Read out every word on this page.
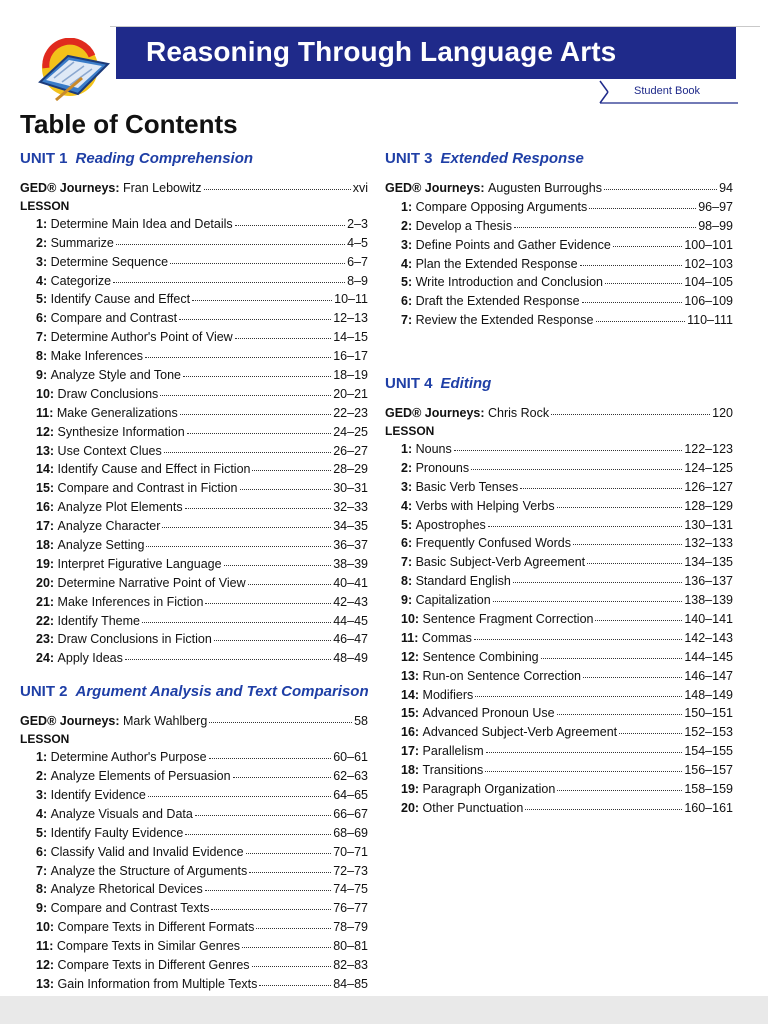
Reasoning Through Language Arts
Student Book
Table of Contents
UNIT 1 Reading Comprehension
GED® Journeys: Fran Lebowitz	xvi
LESSON
1: Determine Main Idea and Details	2–3
2: Summarize	4–5
3: Determine Sequence	6–7
4: Categorize	8–9
5: Identify Cause and Effect	10–11
6: Compare and Contrast	12–13
7: Determine Author's Point of View	14–15
8: Make Inferences	16–17
9: Analyze Style and Tone	18–19
10: Draw Conclusions	20–21
11: Make Generalizations	22–23
12: Synthesize Information	24–25
13: Use Context Clues	26–27
14: Identify Cause and Effect in Fiction	28–29
15: Compare and Contrast in Fiction	30–31
16: Analyze Plot Elements	32–33
17: Analyze Character	34–35
18: Analyze Setting	36–37
19: Interpret Figurative Language	38–39
20: Determine Narrative Point of View	40–41
21: Make Inferences in Fiction	42–43
22: Identify Theme	44–45
23: Draw Conclusions in Fiction	46–47
24: Apply Ideas	48–49
UNIT 2 Argument Analysis and Text Comparison
GED® Journeys: Mark Wahlberg	58
LESSON
1: Determine Author's Purpose	60–61
2: Analyze Elements of Persuasion	62–63
3: Identify Evidence	64–65
4: Analyze Visuals and Data	66–67
5: Identify Faulty Evidence	68–69
6: Classify Valid and Invalid Evidence	70–71
7: Analyze the Structure of Arguments	72–73
8: Analyze Rhetorical Devices	74–75
9: Compare and Contrast Texts	76–77
10: Compare Texts in Different Formats	78–79
11: Compare Texts in Similar Genres	80–81
12: Compare Texts in Different Genres	82–83
13: Gain Information from Multiple Texts	84–85
UNIT 3 Extended Response
GED® Journeys: Augusten Burroughs	94
1: Compare Opposing Arguments	96–97
2: Develop a Thesis	98–99
3: Define Points and Gather Evidence	100–101
4: Plan the Extended Response	102–103
5: Write Introduction and Conclusion	104–105
6: Draft the Extended Response	106–109
7: Review the Extended Response	110–111
UNIT 4 Editing
GED® Journeys: Chris Rock	120
LESSON
1: Nouns	122–123
2: Pronouns	124–125
3: Basic Verb Tenses	126–127
4: Verbs with Helping Verbs	128–129
5: Apostrophes	130–131
6: Frequently Confused Words	132–133
7: Basic Subject-Verb Agreement	134–135
8: Standard English	136–137
9: Capitalization	138–139
10: Sentence Fragment Correction	140–141
11: Commas	142–143
12: Sentence Combining	144–145
13: Run-on Sentence Correction	146–147
14: Modifiers	148–149
15: Advanced Pronoun Use	150–151
16: Advanced Subject-Verb Agreement	152–153
17: Parallelism	154–155
18: Transitions	156–157
19: Paragraph Organization	158–159
20: Other Punctuation	160–161
